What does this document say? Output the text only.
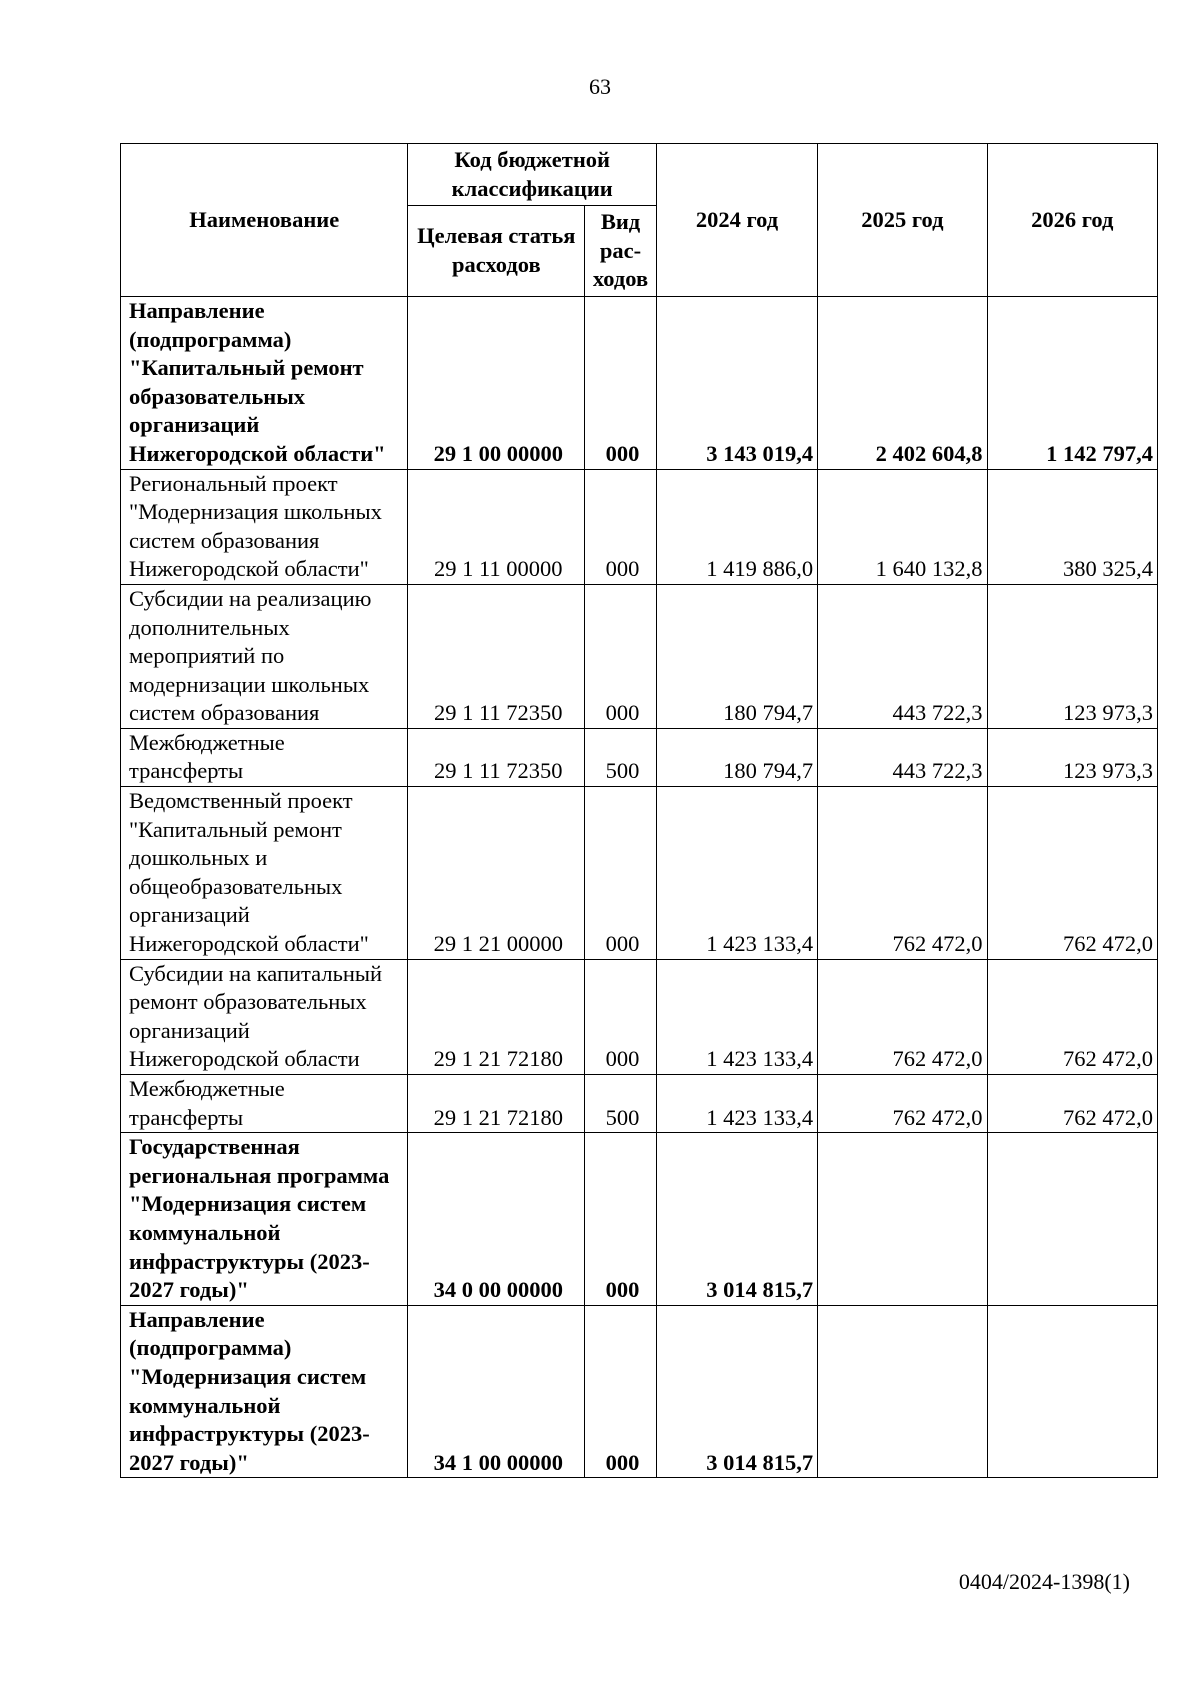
63
Наименование	Код бюджетной классификации		2024 год	2025 год	2026 год
	Целевая статья расходов	Вид рас-ходов			
Направление (подпрограмма) "Капитальный ремонт образовательных организаций Нижегородской области"	29 1 00 00000	000	3 143 019,4	2 402 604,8	1 142 797,4
Региональный проект "Модернизация школьных систем образования Нижегородской области"	29 1 11 00000	000	1 419 886,0	1 640 132,8	380 325,4
Субсидии на реализацию дополнительных мероприятий по модернизации школьных систем образования	29 1 11 72350	000	180 794,7	443 722,3	123 973,3
Межбюджетные трансферты	29 1 11 72350	500	180 794,7	443 722,3	123 973,3
Ведомственный проект "Капитальный ремонт дошкольных и общеобразовательных организаций Нижегородской области"	29 1 21 00000	000	1 423 133,4	762 472,0	762 472,0
Субсидии на капитальный ремонт образовательных организаций Нижегородской области	29 1 21 72180	000	1 423 133,4	762 472,0	762 472,0
Межбюджетные трансферты	29 1 21 72180	500	1 423 133,4	762 472,0	762 472,0
Государственная региональная программа "Модернизация систем коммунальной инфраструктуры (2023-2027 годы)"	34 0 00 00000	000	3 014 815,7		
Направление (подпрограмма) "Модернизация систем коммунальной инфраструктуры (2023-2027 годы)"	34 1 00 00000	000	3 014 815,7		
0404/2024-1398(1)
